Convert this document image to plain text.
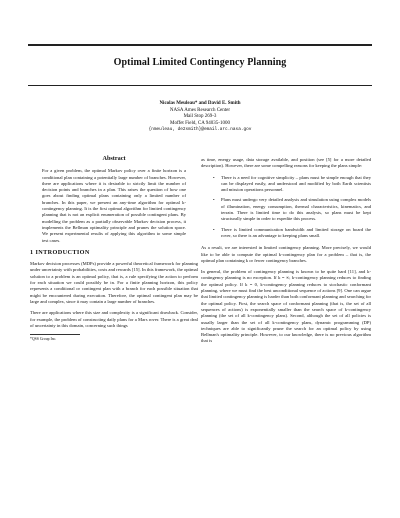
Optimal Limited Contingency Planning
Nicolas Meuleau* and David E. Smith
NASA Ames Research Center
Mail Stop 269-3
Moffet Field, CA 94035-1000
{nmeuleau, de2smith}@email.arc.nasa.gov
Abstract

For a given problem, the optimal Markov policy over a finite horizon is a conditional plan containing a potentially large number of branches. However, there are applications where it is desirable to strictly limit the number of decision points and branches in a plan. This raises the question of how one goes about finding optimal plans containing only a limited number of branches. In this paper, we present an any-time algorithm for optimal k-contingency planning. It is the first optimal algorithm for limited contingency planning that is not an explicit enumeration of possible contingent plans. By modelling the problem as a partially observable Markov decision process, it implements the Bellman optimality principle and prunes the solution space. We present experimental results of applying this algorithm to some simple test cases.

1 INTRODUCTION

Markov decision processes (MDPs) provide a powerful theoretical framework for planning under uncertainty with probabilities, costs and rewards [15]. In this framework, the optimal solution to a problem is an optimal policy, that is, a rule specifying the action to perform for each situation we could possibly be in. For a finite planning horizon, this policy represents a conditional or contingent plan with a branch for each possible situation that might be encountered during execution. Therefore, the optimal contingent plan may be large and complex, since it may contain a large number of branches.

There are applications where this size and complexity is a significant drawback. Consider, for example, the problem of constructing daily plans for a Mars rover. There is a great deal of uncertainty in this domain, concerning such things

*QSS Group Inc.

as time, energy usage, data storage available, and position (see [5] for a more detailed description). However, there are some compelling reasons for keeping the plans simple:

• There is a need for cognitive simplicity – plans must be simple enough that they can be displayed easily, and understood and modified by both Earth scientists and mission operations personnel.
• Plans must undergo very detailed analysis and simulation using complex models of illumination, energy consumption, thermal characteristics, kinematics, and terrain. There is limited time to do this analysis, so plans must be kept structurally simple in order to expedite this process.
• There is limited communication bandwidth and limited storage on board the rover, so there is an advantage to keeping plans small.

As a result, we are interested in limited contingency planning. More precisely, we would like to be able to compute the optimal k-contingency plan for a problem – that is, the optimal plan containing k or fewer contingency branches.

In general, the problem of contingency planning is known to be quite hard [11], and k-contingency planning is no exception. If k = ∞, k-contingency planning reduces to finding the optimal policy. If k = 0, k-contingency planning reduces to stochastic conformant planning, where we must find the best unconditional sequence of actions [9]. One can argue that limited contingency planning is harder than both conformant planning and searching for the optimal policy. First, the search space of conformant planning (that is, the set of all sequences of actions) is exponentially smaller than the search space of k-contingency planning (the set of all k-contingency plans). Second, although the set of all policies is usually larger than the set of all k-contingency plans, dynamic programming (DP) techniques are able to significantly prune the search for an optimal policy by using Bellman's optimality principle. However, to our knowledge, there is no previous algorithm that is
